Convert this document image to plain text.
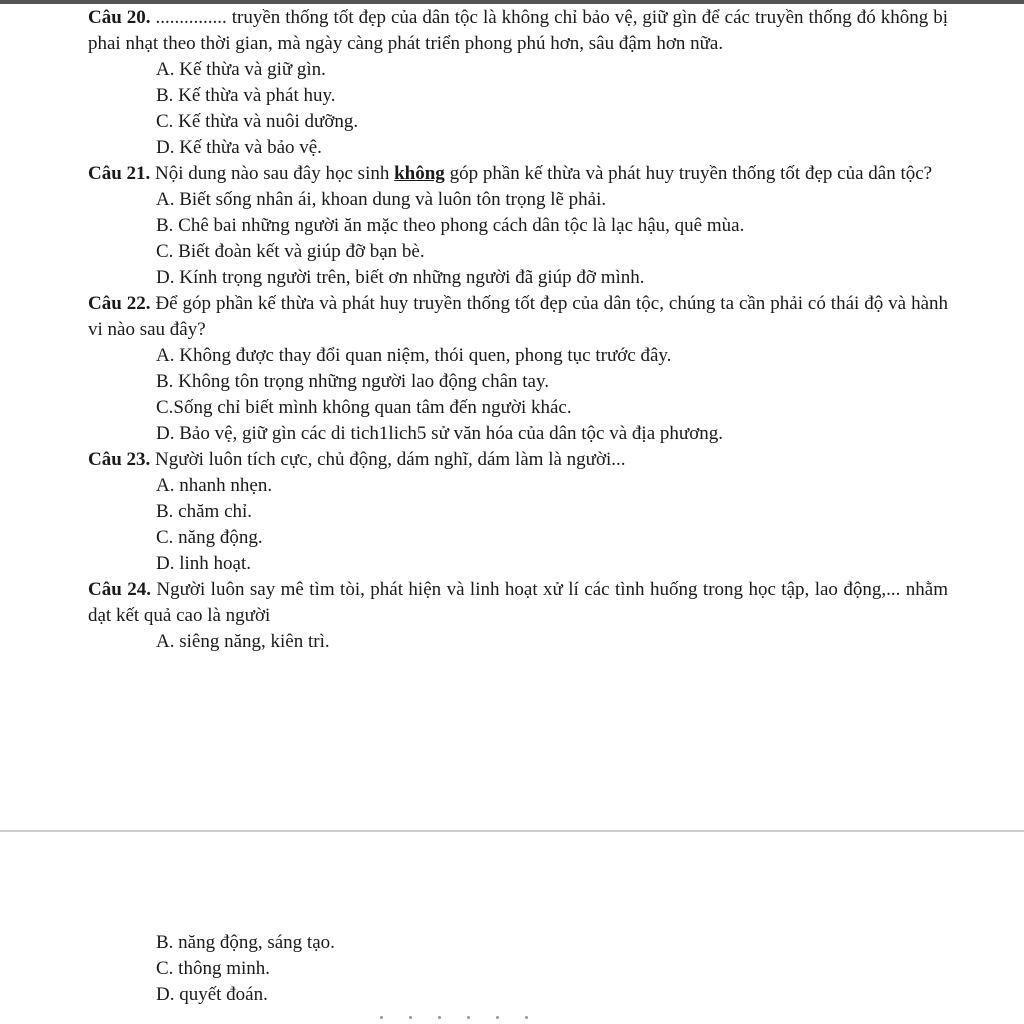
Câu 20. ............... truyền thống tốt đẹp của dân tộc là không chỉ bảo vệ, giữ gìn để các truyền thống đó không bị phai nhạt theo thời gian, mà ngày càng phát triển phong phú hơn, sâu đậm hơn nữa.

A. Kế thừa và giữ gìn.

B. Kế thừa và phát huy.

C. Kế thừa và nuôi dưỡng.

D. Kế thừa và bảo vệ.

Câu 21. Nội dung nào sau đây học sinh không góp phần kế thừa và phát huy truyền thống tốt đẹp của dân tộc?

A. Biết sống nhân ái, khoan dung và luôn tôn trọng lẽ phải.

B. Chê bai những người ăn mặc theo phong cách dân tộc là lạc hậu, quê mùa.

C. Biết đoàn kết và giúp đỡ bạn bè.

D. Kính trọng người trên, biết ơn những người đã giúp đỡ mình.

Câu 22. Để góp phần kế thừa và phát huy truyền thống tốt đẹp của dân tộc, chúng ta cần phải có thái độ và hành vi nào sau đây?

A. Không được thay đổi quan niệm, thói quen, phong tục trước đây.

B. Không tôn trọng những người lao động chân tay.

C.Sống chỉ biết mình không quan tâm đến người khác.

D. Bảo vệ, giữ gìn các di tich1lich5 sử văn hóa của dân tộc và địa phương.

Câu 23. Người luôn tích cực, chủ động, dám nghĩ, dám làm là người...

A. nhanh nhẹn.

B. chăm chỉ.

C. năng động.

D. linh hoạt.

Câu 24. Người luôn say mê tìm tòi, phát hiện và linh hoạt xử lí các tình huống trong học tập, lao động,... nhằm dạt kết quả cao là người

A. siêng năng, kiên trì.

B. năng động, sáng tạo.

C. thông minh.

D. quyết đoán.
